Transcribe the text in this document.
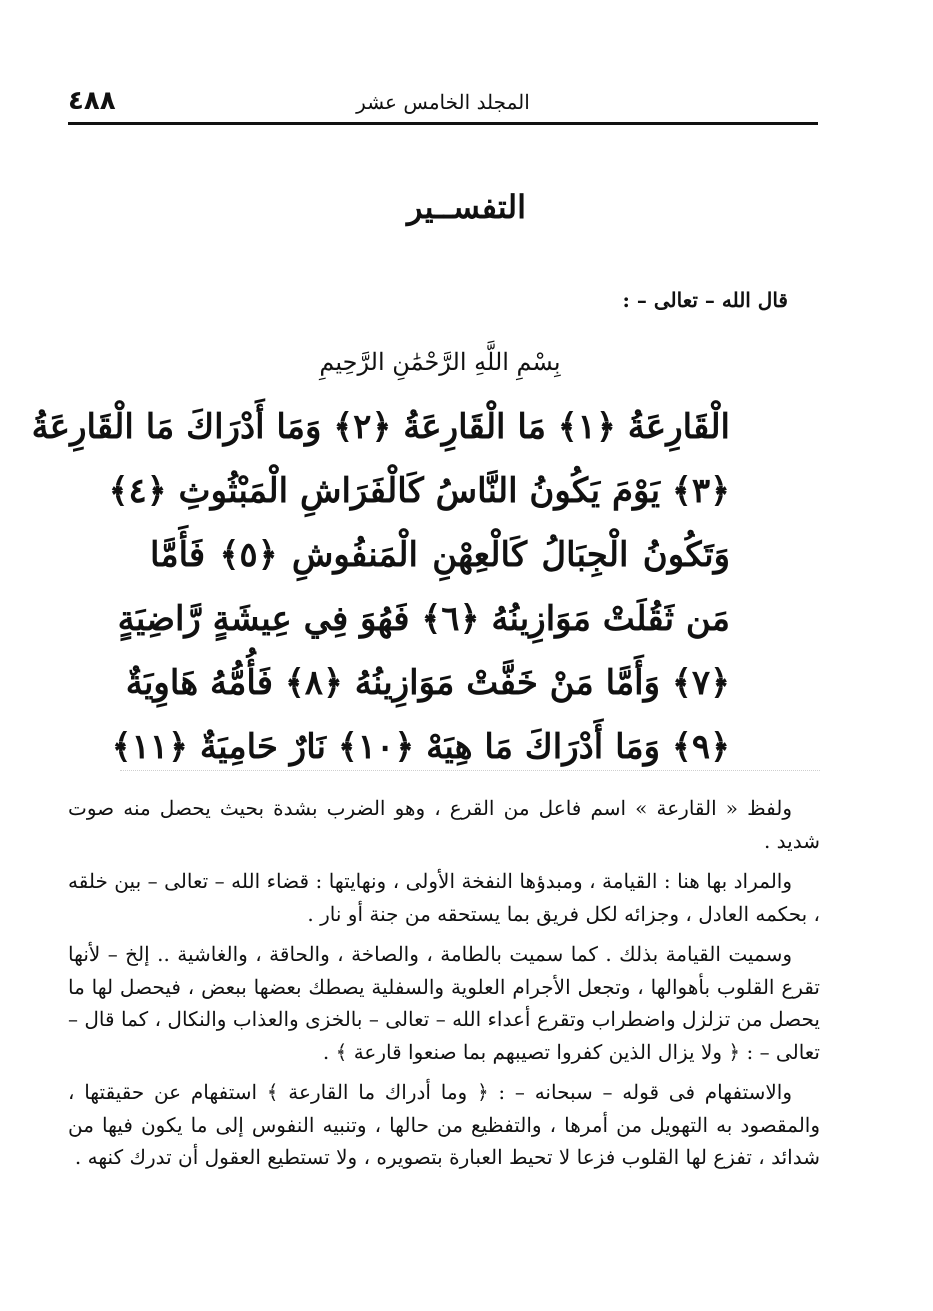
٤٨٨	المجلد الخامس عشر
التفســير
قال الله – تعالى – :
بِسْمِ اللَّهِ الرَّحْمَٰنِ الرَّحِيمِ
الْقَارِعَةُ ﴿١﴾ مَا الْقَارِعَةُ ﴿٢﴾ وَمَا أَدْرَاكَ مَا الْقَارِعَةُ
﴿٣﴾ يَوْمَ يَكُونُ النَّاسُ كَالْفَرَاشِ الْمَبْثُوثِ ﴿٤﴾
وَتَكُونُ الْجِبَالُ كَالْعِهْنِ الْمَنفُوشِ ﴿٥﴾ فَأَمَّا
مَن ثَقُلَتْ مَوَازِينُهُ ﴿٦﴾ فَهُوَ فِي عِيشَةٍ رَّاضِيَةٍ
﴿٧﴾ وَأَمَّا مَنْ خَفَّتْ مَوَازِينُهُ ﴿٨﴾ فَأُمُّهُ هَاوِيَةٌ
﴿٩﴾ وَمَا أَدْرَاكَ مَا هِيَهْ ﴿١٠﴾ نَارٌ حَامِيَةٌ ﴿١١﴾

ولفظ « القارعة » اسم فاعل من القرع ، وهو الضرب بشدة بحيث يحصل منه صوت شديد .

والمراد بها هنا : القيامة ، ومبدؤها النفخة الأولى ، ونهايتها : قضاء الله – تعالى – بين خلقه ، بحكمه العادل ، وجزائه لكل فريق بما يستحقه من جنة أو نار .

وسميت القيامة بذلك . كما سميت بالطامة ، والصاخة ، والحاقة ، والغاشية .. إلخ – لأنها تقرع القلوب بأهوالها ، وتجعل الأجرام العلوية والسفلية يصطك بعضها ببعض ، فيحصل لها ما يحصل من تزلزل واضطراب وتقرع أعداء الله – تعالى – بالخزى والعذاب والنكال ، كما قال – تعالى – : ﴿ ولا يزال الذين كفروا تصيبهم بما صنعوا قارعة ﴾ .

والاستفهام فى قوله – سبحانه – : ﴿ وما أدراك ما القارعة ﴾ استفهام عن حقيقتها ، والمقصود به التهويل من أمرها ، والتفظيع من حالها ، وتنبيه النفوس إلى ما يكون فيها من شدائد ، تفزع لها القلوب فزعا لا تحيط العبارة بتصويره ، ولا تستطيع العقول أن تدرك كنهه .
